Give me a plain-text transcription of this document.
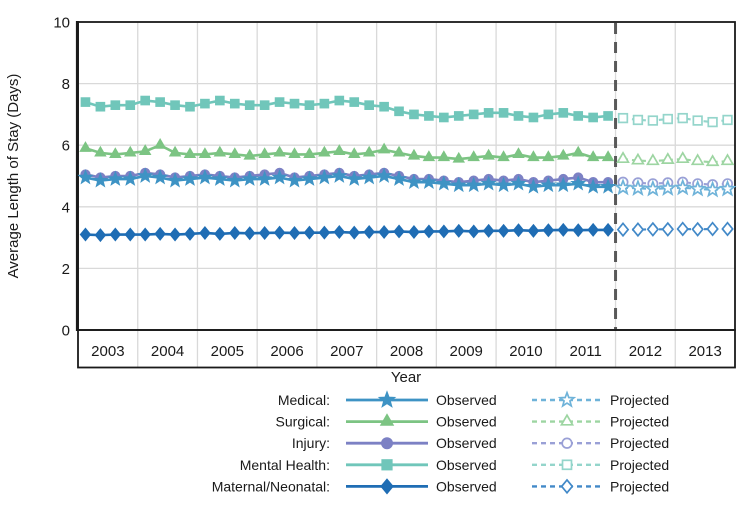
0
2
4
6
8
10
2003 2004 2005 2006 2007 2008 2009 2010 2011 2012 2013
Average Length of Stay (Days)
Year
Medical:	Observed	Projected
Surgical:	Observed	Projected
Injury:	Observed	Projected
Mental Health:	Observed	Projected
Maternal/Neonatal:	Observed	Projected
